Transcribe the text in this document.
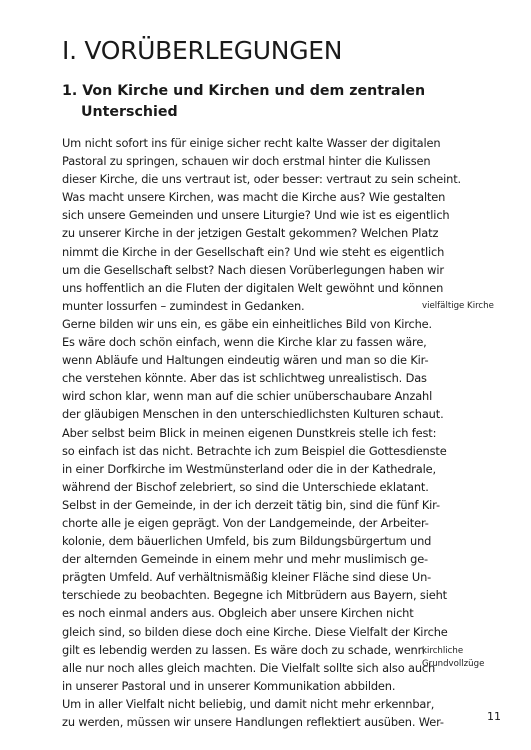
I. VORÜBERLEGUNGEN
1. Von Kirche und Kirchen und dem zentralen
Unterschied
Um nicht sofort ins für einige sicher recht kalte Wasser der digitalen
Pastoral zu springen, schauen wir doch erstmal hinter die Kulissen
dieser Kirche, die uns vertraut ist, oder besser: vertraut zu sein scheint.
Was macht unsere Kirchen, was macht die Kirche aus? Wie gestalten
sich unsere Gemeinden und unsere Liturgie? Und wie ist es eigentlich
zu unserer Kirche in der jetzigen Gestalt gekommen? Welchen Platz
nimmt die Kirche in der Gesellschaft ein? Und wie steht es eigentlich
um die Gesellschaft selbst? Nach diesen Vorüberlegungen haben wir
uns hoffentlich an die Fluten der digitalen Welt gewöhnt und können
munter lossurfen – zumindest in Gedanken.
Gerne bilden wir uns ein, es gäbe ein einheitliches Bild von Kirche.
Es wäre doch schön einfach, wenn die Kirche klar zu fassen wäre,
wenn Abläufe und Haltungen eindeutig wären und man so die Kir-
che verstehen könnte. Aber das ist schlichtweg unrealistisch. Das
wird schon klar, wenn man auf die schier unüberschaubare Anzahl
der gläubigen Menschen in den unterschiedlichsten Kulturen schaut.
Aber selbst beim Blick in meinen eigenen Dunstkreis stelle ich fest:
so einfach ist das nicht. Betrachte ich zum Beispiel die Gottesdienste
in einer Dorfkirche im Westmünsterland oder die in der Kathedrale,
während der Bischof zelebriert, so sind die Unterschiede eklatant.
Selbst in der Gemeinde, in der ich derzeit tätig bin, sind die fünf Kir-
chorte alle je eigen geprägt. Von der Landgemeinde, der Arbeiter-
kolonie, dem bäuerlichen Umfeld, bis zum Bildungsbürgertum und
der alternden Gemeinde in einem mehr und mehr muslimisch ge-
prägten Umfeld. Auf verhältnismäßig kleiner Fläche sind diese Un-
terschiede zu beobachten. Begegne ich Mitbrüdern aus Bayern, sieht
es noch einmal anders aus. Obgleich aber unsere Kirchen nicht
gleich sind, so bilden diese doch eine Kirche. Diese Vielfalt der Kirche
gilt es lebendig werden zu lassen. Es wäre doch zu schade, wenn
alle nur noch alles gleich machten. Die Vielfalt sollte sich also auch
in unserer Pastoral und in unserer Kommunikation abbilden.
Um in aller Vielfalt nicht beliebig, und damit nicht mehr erkennbar,
zu werden, müssen wir unsere Handlungen reflektiert ausüben. Wer-
vielfältige Kirche
kirchliche
Grundvollzüge
11
